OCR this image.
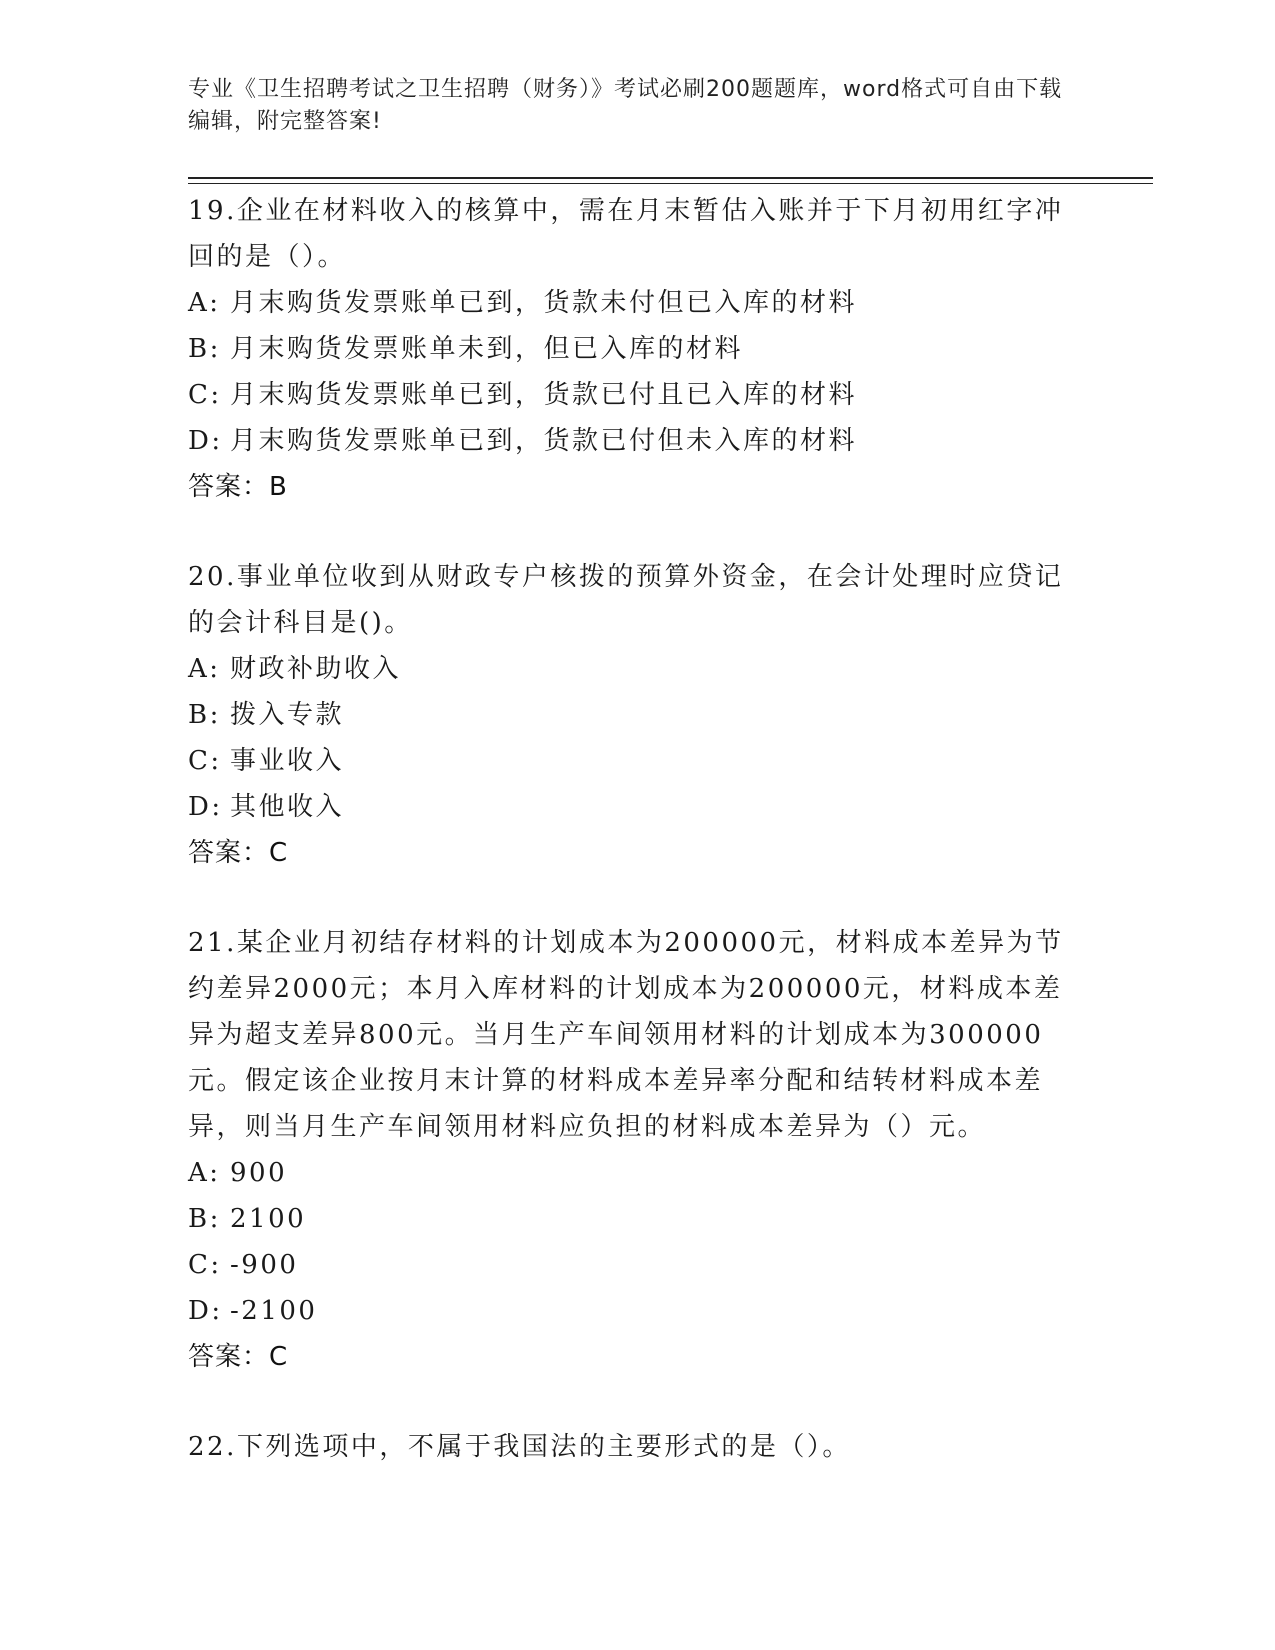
专业《卫生招聘考试之卫生招聘（财务）》考试必刷200题题库，word格式可自由下载编辑，附完整答案!

19.企业在材料收入的核算中，需在月末暂估入账并于下月初用红字冲回的是（）。

A: 月末购货发票账单已到，货款未付但已入库的材料

B: 月末购货发票账单未到，但已入库的材料

C: 月末购货发票账单已到，货款已付且已入库的材料

D: 月末购货发票账单已到，货款已付但未入库的材料

答案：B

20.事业单位收到从财政专户核拨的预算外资金，在会计处理时应贷记的会计科目是()。

A: 财政补助收入

B: 拨入专款

C: 事业收入

D: 其他收入

答案：C

21.某企业月初结存材料的计划成本为200000元，材料成本差异为节约差异2000元；本月入库材料的计划成本为200000元，材料成本差异为超支差异800元。当月生产车间领用材料的计划成本为300000元。假定该企业按月末计算的材料成本差异率分配和结转材料成本差异，则当月生产车间领用材料应负担的材料成本差异为（）元。

A: 900

B: 2100

C: -900

D: -2100

答案：C

22.下列选项中，不属于我国法的主要形式的是（）。
